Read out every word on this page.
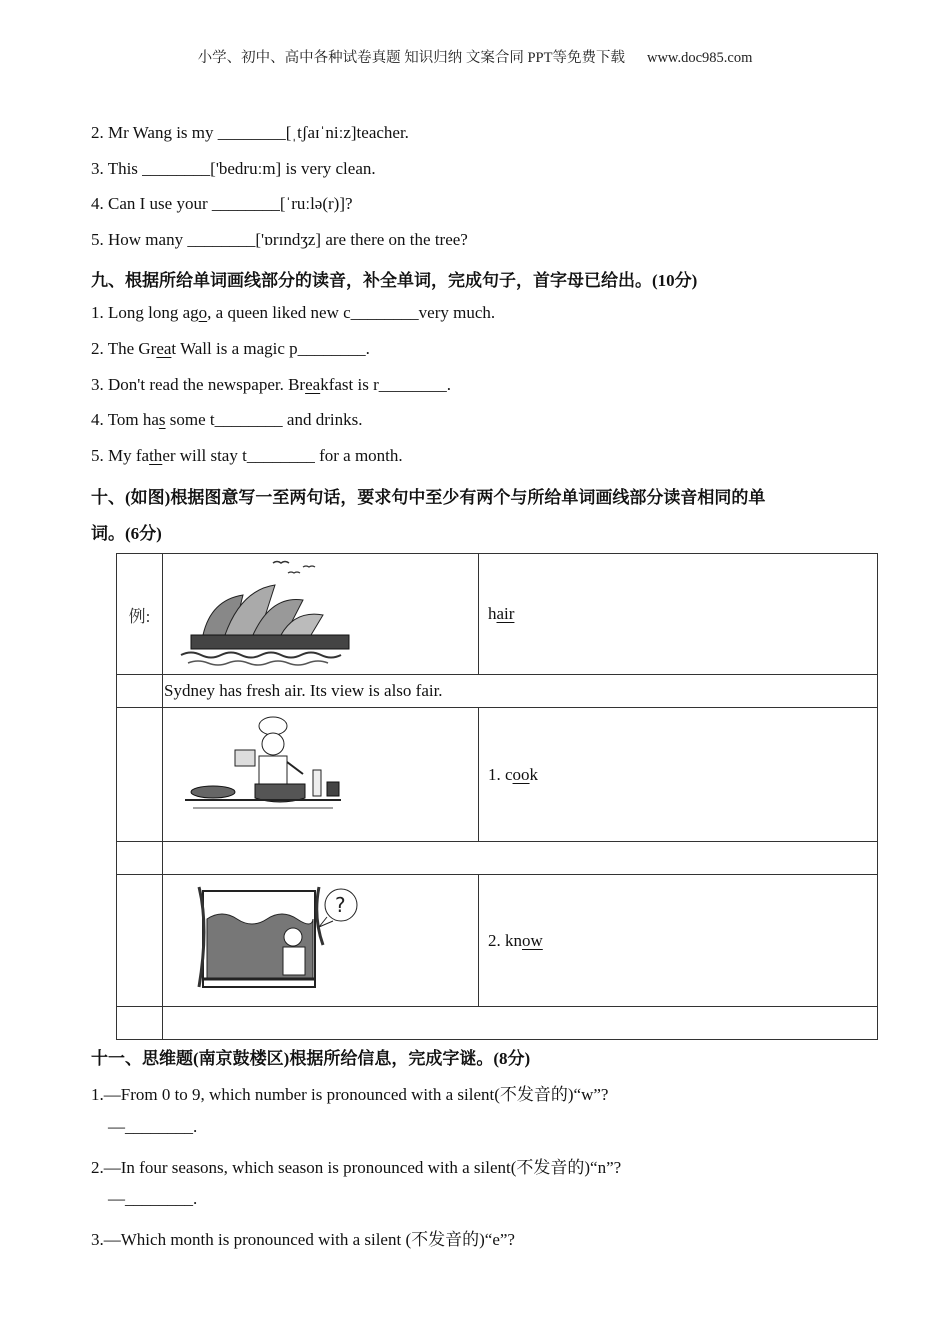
小学、初中、高中各种试卷真题 知识归纳 文案合同 PPT等免费下载 www.doc985.com
2. Mr Wang is my ________[ˌtʃaɪˈniːz]teacher.
3. This ________['bedruːm] is very clean.
4. Can I use your ________[ˈruːlə(r)]?
5. How many ________['ɒrɪndʒz] are there on the tree?
九、根据所给单词画线部分的读音，补全单词，完成句子，首字母已给出。(10分)
1. Long long ago, a queen liked new c________very much.
2. The Great Wall is a magic p________.
3. Don't read the newspaper. Breakfast is r________.
4. Tom has some t________ and drinks.
5. My father will stay t________ for a month.
十、(如图)根据图意写一至两句话，要求句中至少有两个与所给单词画线部分读音相同的单
词。(6分)
例:		hair
	Sydney has fresh air. Its view is also fair.	

	1. cook

?	2. know

十一、思维题(南京鼓楼区)根据所给信息，完成字谜。(8分)
1.—From 0 to 9, which number is pronounced with a silent(不发音的)“w”?
—________.
2.—In four seasons, which season is pronounced with a silent(不发音的)“n”?
—________.
3.—Which month is pronounced with a silent (不发音的)“e”?
